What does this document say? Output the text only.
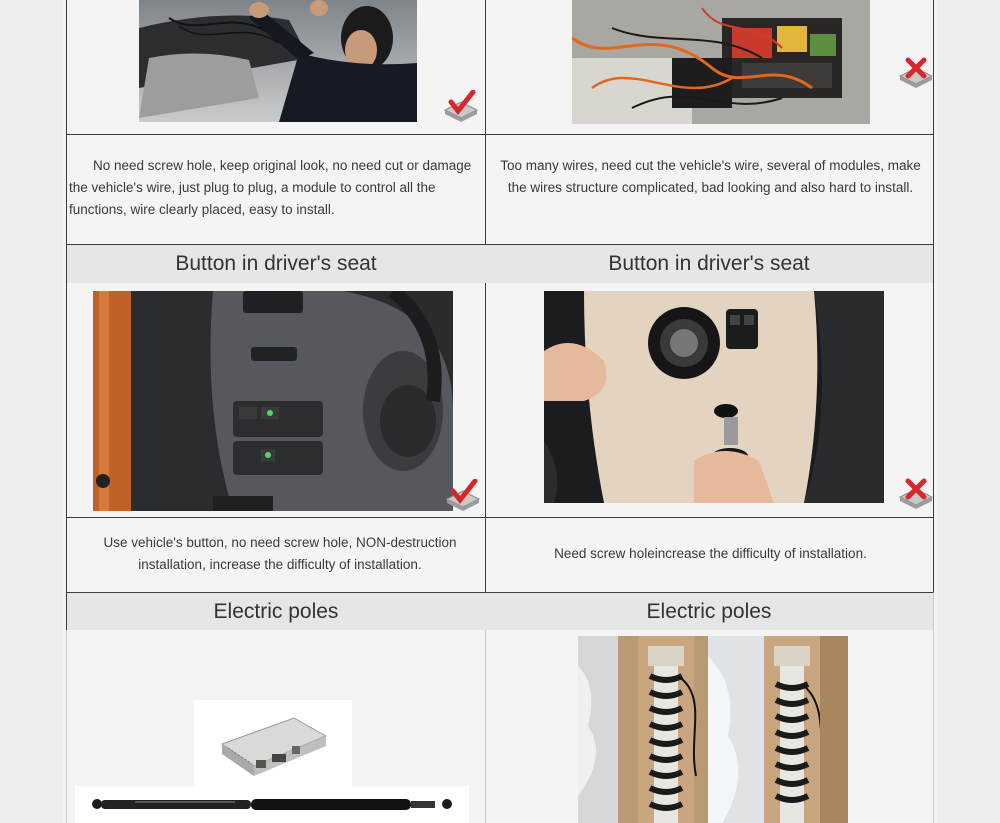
No need screw hole, keep original look, no need cut or damage the vehicle's wire, just plug to plug, a module to control all the functions, wire clearly placed, easy to install.

Too many wires, need cut the vehicle's wire, several of modules, make the wires structure complicated, bad looking and also hard to install.

Button in driver's seat	Button in driver's seat

Use vehicle's button, no need screw hole, NON-destruction installation, increase the difficulty of installation.

Need screw holeincrease the difficulty of installation.

Electric poles	Electric poles
